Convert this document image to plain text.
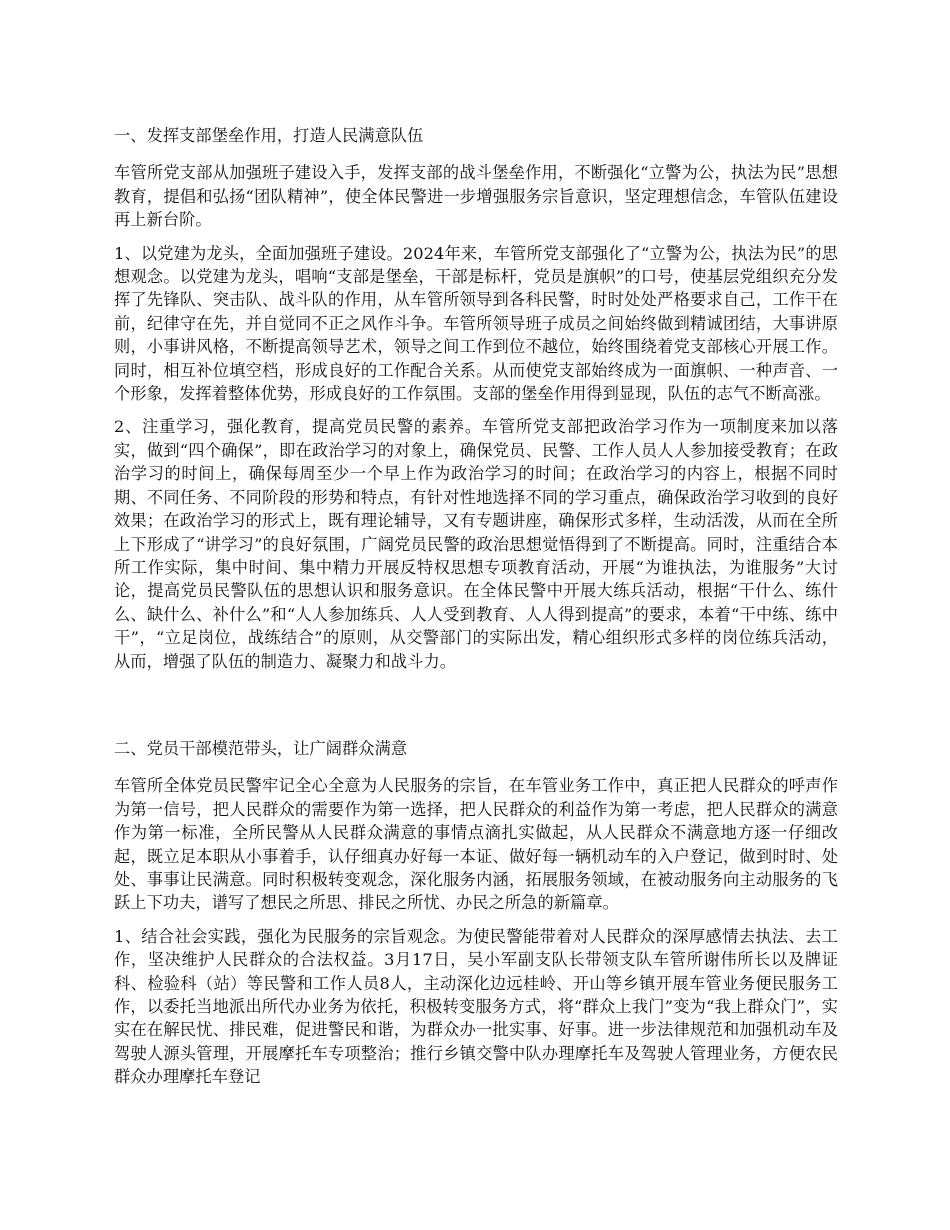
一、发挥支部堡垒作用，打造人民满意队伍

车管所党支部从加强班子建设入手，发挥支部的战斗堡垒作用，不断强化“立警为公，执法为民”思想教育，提倡和弘扬“团队精神”，使全体民警进一步增强服务宗旨意识，坚定理想信念，车管队伍建设再上新台阶。

1、以党建为龙头，全面加强班子建设。2024年来，车管所党支部强化了“立警为公，执法为民”的思想观念。以党建为龙头，唱响“支部是堡垒，干部是标杆，党员是旗帜”的口号，使基层党组织充分发挥了先锋队、突击队、战斗队的作用，从车管所领导到各科民警，时时处处严格要求自己，工作干在前，纪律守在先，并自觉同不正之风作斗争。车管所领导班子成员之间始终做到精诚团结，大事讲原则，小事讲风格，不断提高领导艺术，领导之间工作到位不越位，始终围绕着党支部核心开展工作。同时，相互补位填空档，形成良好的工作配合关系。从而使党支部始终成为一面旗帜、一种声音、一个形象，发挥着整体优势，形成良好的工作氛围。支部的堡垒作用得到显现，队伍的志气不断高涨。

2、注重学习，强化教育，提高党员民警的素养。车管所党支部把政治学习作为一项制度来加以落实，做到“四个确保”，即在政治学习的对象上，确保党员、民警、工作人员人人参加接受教育；在政治学习的时间上，确保每周至少一个早上作为政治学习的时间；在政治学习的内容上，根据不同时期、不同任务、不同阶段的形势和特点，有针对性地选择不同的学习重点，确保政治学习收到的良好效果；在政治学习的形式上，既有理论辅导，又有专题讲座，确保形式多样，生动活泼，从而在全所上下形成了“讲学习”的良好氛围，广阔党员民警的政治思想觉悟得到了不断提高。同时，注重结合本所工作实际，集中时间、集中精力开展反特权思想专项教育活动，开展“为谁执法，为谁服务”大讨论，提高党员民警队伍的思想认识和服务意识。在全体民警中开展大练兵活动，根据“干什么、练什么、缺什么、补什么”和“人人参加练兵、人人受到教育、人人得到提高”的要求，本着“干中练、练中干”，“立足岗位，战练结合”的原则，从交警部门的实际出发，精心组织形式多样的岗位练兵活动，从而，增强了队伍的制造力、凝聚力和战斗力。

二、党员干部模范带头，让广阔群众满意

车管所全体党员民警牢记全心全意为人民服务的宗旨，在车管业务工作中，真正把人民群众的呼声作为第一信号，把人民群众的需要作为第一选择，把人民群众的利益作为第一考虑，把人民群众的满意作为第一标准，全所民警从人民群众满意的事情点滴扎实做起，从人民群众不满意地方逐一仔细改起，既立足本职从小事着手，认仔细真办好每一本证、做好每一辆机动车的入户登记，做到时时、处处、事事让民满意。同时积极转变观念，深化服务内涵，拓展服务领域，在被动服务向主动服务的飞跃上下功夫，谱写了想民之所思、排民之所忧、办民之所急的新篇章。

1、结合社会实践，强化为民服务的宗旨观念。为使民警能带着对人民群众的深厚感情去执法、去工作，坚决维护人民群众的合法权益。3月17日，吴小军副支队长带领支队车管所谢伟所长以及牌证科、检验科（站）等民警和工作人员8人，主动深化边远桂岭、开山等乡镇开展车管业务便民服务工作，以委托当地派出所代办业务为依托，积极转变服务方式，将“群众上我门”变为“我上群众门”，实实在在解民忧、排民难，促进警民和谐，为群众办一批实事、好事。进一步法律规范和加强机动车及驾驶人源头管理，开展摩托车专项整治；推行乡镇交警中队办理摩托车及驾驶人管理业务，方便农民群众办理摩托车登记
